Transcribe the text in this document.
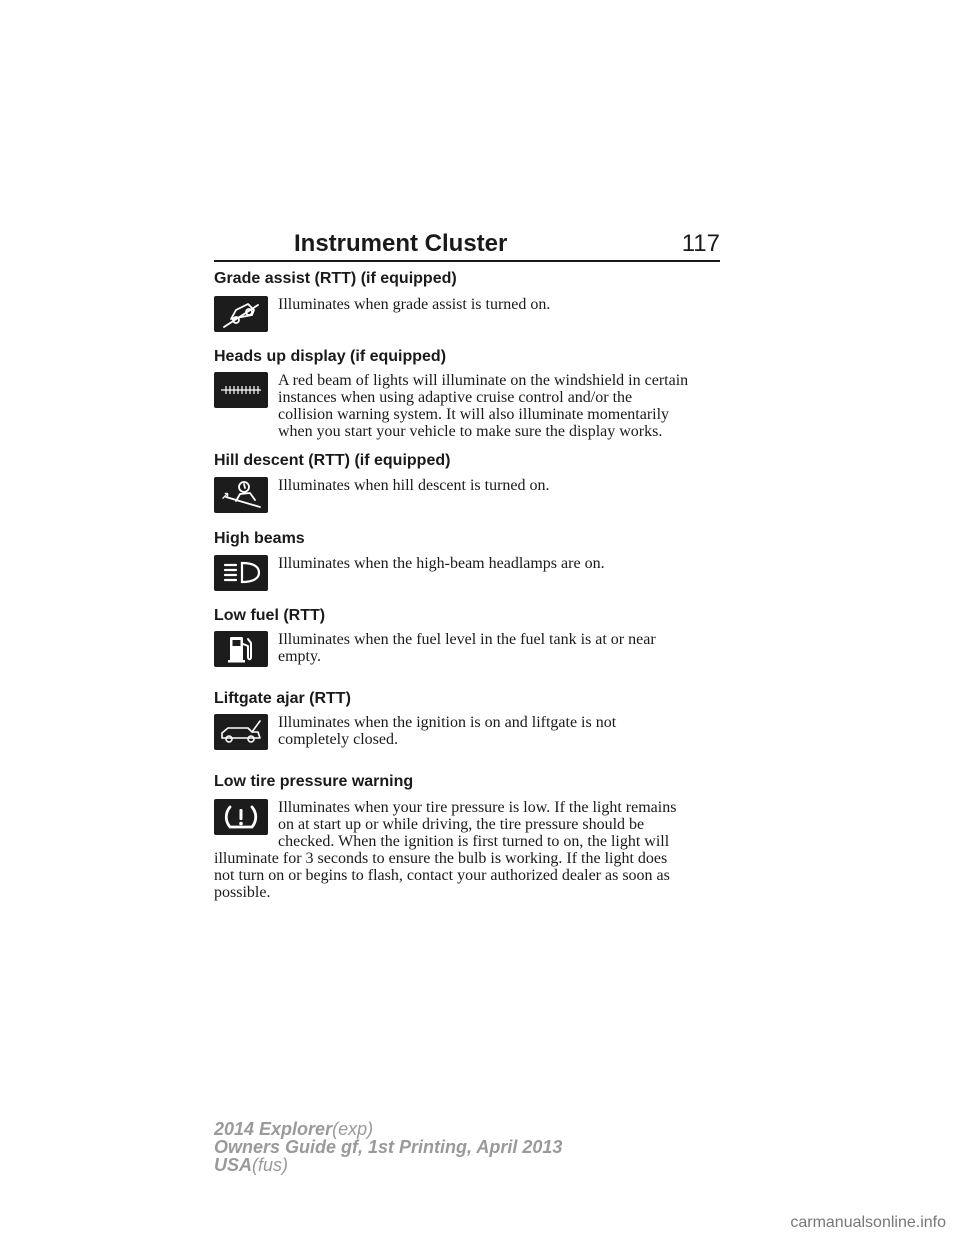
Instrument Cluster	117
Grade assist (RTT) (if equipped)
Illuminates when grade assist is turned on.
Heads up display (if equipped)
A red beam of lights will illuminate on the windshield in certain
instances when using adaptive cruise control and/or the
collision warning system. It will also illuminate momentarily
when you start your vehicle to make sure the display works.
Hill descent (RTT) (if equipped)
↗
Illuminates when hill descent is turned on.
High beams
Illuminates when the high-beam headlamps are on.
Low fuel (RTT)
Illuminates when the fuel level in the fuel tank is at or near
empty.
Liftgate ajar (RTT)
Illuminates when the ignition is on and liftgate is not
completely closed.
Low tire pressure warning
Illuminates when your tire pressure is low. If the light remains
on at start up or while driving, the tire pressure should be
checked. When the ignition is first turned to on, the light will
illuminate for 3 seconds to ensure the bulb is working. If the light does
not turn on or begins to flash, contact your authorized dealer as soon as
possible.
2014 Explorer(exp)
Owners Guide gf, 1st Printing, April 2013
USA(fus)
carmanualsonline.info
